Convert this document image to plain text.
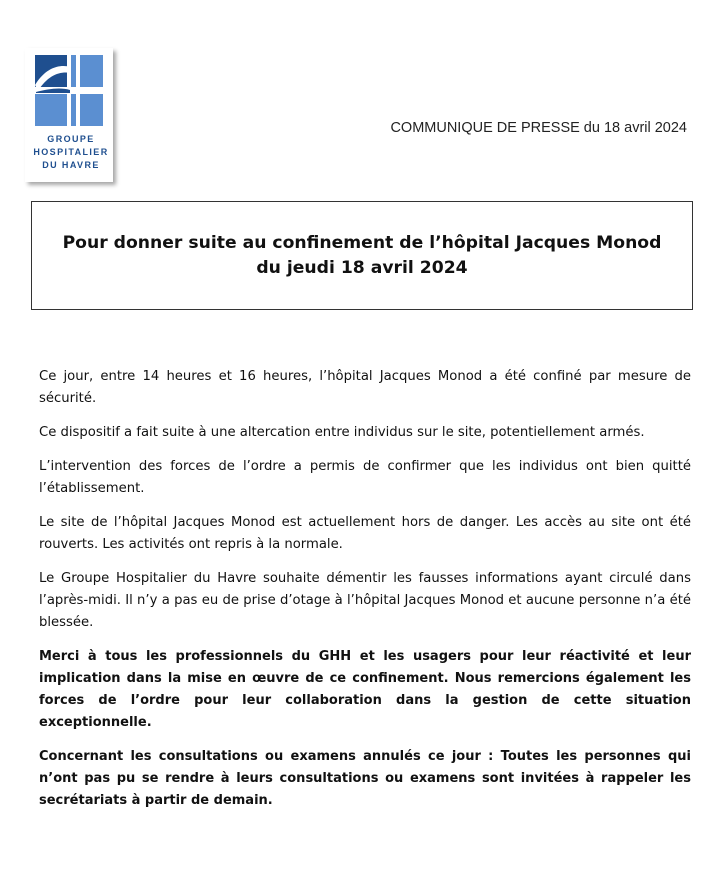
GROUPE
HOSPITALIER
DU HAVRE
COMMUNIQUE DE PRESSE du 18 avril 2024
Pour donner suite au confinement de l’hôpital Jacques Monod
du jeudi 18 avril 2024

Ce jour, entre 14 heures et 16 heures, l’hôpital Jacques Monod a été confiné par mesure de sécurité.

Ce dispositif a fait suite à une altercation entre individus sur le site, potentiellement armés.

L’intervention des forces de l’ordre a permis de confirmer que les individus ont bien quitté l’établissement.

Le site de l’hôpital Jacques Monod est actuellement hors de danger. Les accès au site ont été rouverts. Les activités ont repris à la normale.

Le Groupe Hospitalier du Havre souhaite démentir les fausses informations ayant circulé dans l’après-midi. Il n’y a pas eu de prise d’otage à l’hôpital Jacques Monod et aucune personne n’a été blessée.

Merci à tous les professionnels du GHH et les usagers pour leur réactivité et leur implication dans la mise en œuvre de ce confinement. Nous remercions également les forces de l’ordre pour leur collaboration dans la gestion de cette situation exceptionnelle.

Concernant les consultations ou examens annulés ce jour : Toutes les personnes qui n’ont pas pu se rendre à leurs consultations ou examens sont invitées à rappeler les secrétariats à partir de demain.
